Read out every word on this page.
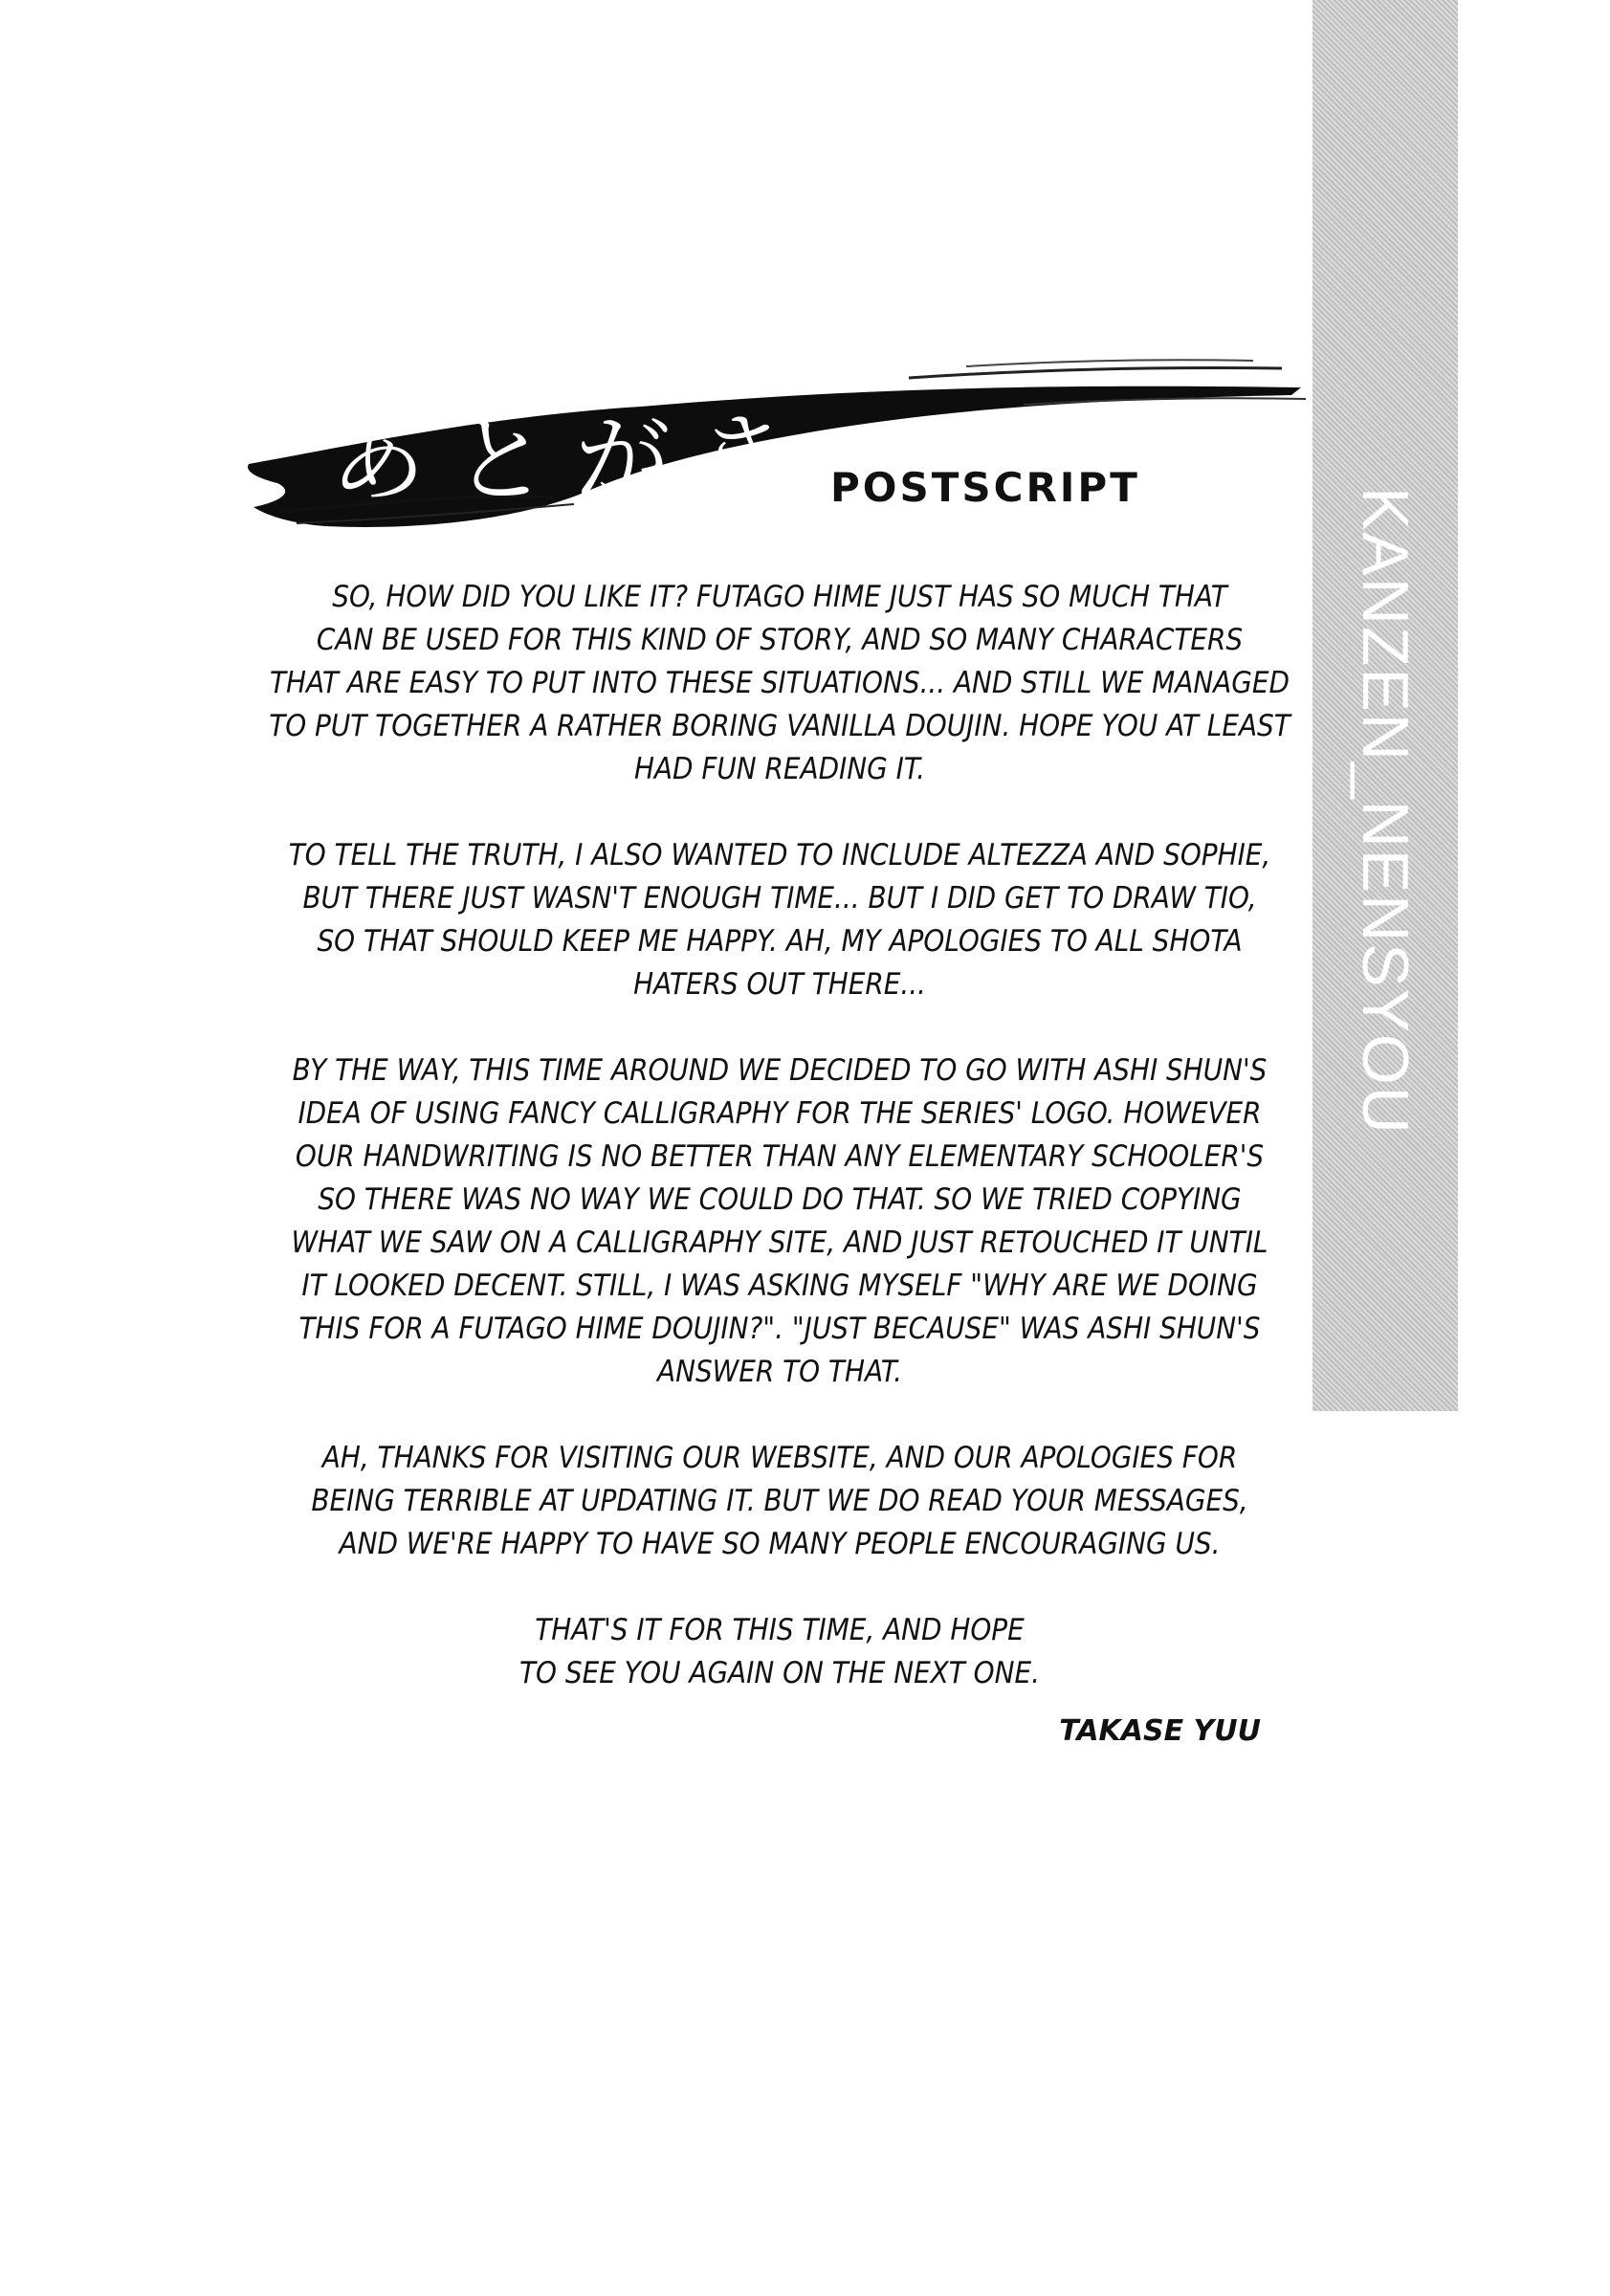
KANZEN_NENSYOU
あとがき POSTSCRIPT

SO, HOW DID YOU LIKE IT? FUTAGO HIME JUST HAS SO MUCH THAT
CAN BE USED FOR THIS KIND OF STORY, AND SO MANY CHARACTERS
THAT ARE EASY TO PUT INTO THESE SITUATIONS... AND STILL WE MANAGED
TO PUT TOGETHER A RATHER BORING VANILLA DOUJIN. HOPE YOU AT LEAST
HAD FUN READING IT.

TO TELL THE TRUTH, I ALSO WANTED TO INCLUDE ALTEZZA AND SOPHIE,
BUT THERE JUST WASN'T ENOUGH TIME... BUT I DID GET TO DRAW TIO,
SO THAT SHOULD KEEP ME HAPPY. AH, MY APOLOGIES TO ALL SHOTA
HATERS OUT THERE...

BY THE WAY, THIS TIME AROUND WE DECIDED TO GO WITH ASHI SHUN'S
IDEA OF USING FANCY CALLIGRAPHY FOR THE SERIES' LOGO. HOWEVER
OUR HANDWRITING IS NO BETTER THAN ANY ELEMENTARY SCHOOLER'S
SO THERE WAS NO WAY WE COULD DO THAT. SO WE TRIED COPYING
WHAT WE SAW ON A CALLIGRAPHY SITE, AND JUST RETOUCHED IT UNTIL
IT LOOKED DECENT. STILL, I WAS ASKING MYSELF "WHY ARE WE DOING
THIS FOR A FUTAGO HIME DOUJIN?". "JUST BECAUSE" WAS ASHI SHUN'S
ANSWER TO THAT.

AH, THANKS FOR VISITING OUR WEBSITE, AND OUR APOLOGIES FOR
BEING TERRIBLE AT UPDATING IT. BUT WE DO READ YOUR MESSAGES,
AND WE'RE HAPPY TO HAVE SO MANY PEOPLE ENCOURAGING US.

THAT'S IT FOR THIS TIME, AND HOPE
TO SEE YOU AGAIN ON THE NEXT ONE.

TAKASE YUU
